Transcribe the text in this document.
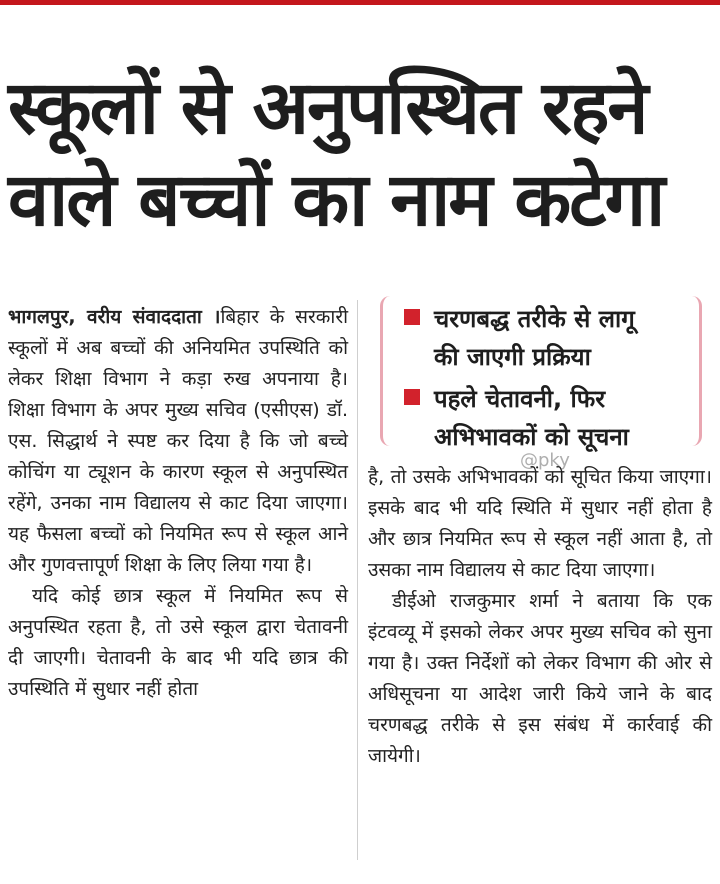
स्कूलों से अनुपस्थित रहने
वाले बच्चों का नाम कटेगा

भागलपुर, वरीय संवाददाता ।बिहार के सरकारी स्कूलों में अब बच्चों की अनियमित उपस्थिति को लेकर शिक्षा विभाग ने कड़ा रुख अपनाया है। शिक्षा विभाग के अपर मुख्य सचिव (एसीएस) डॉ. एस. सिद्धार्थ ने स्पष्ट कर दिया है कि जो बच्चे कोचिंग या ट्यूशन के कारण स्कूल से अनुपस्थित रहेंगे, उनका नाम विद्यालय से काट दिया जाएगा। यह फैसला बच्चों को नियमित रूप से स्कूल आने और गुणवत्तापूर्ण शिक्षा के लिए लिया गया है।

यदि कोई छात्र स्कूल में नियमित रूप से अनुपस्थित रहता है, तो उसे स्कूल द्वारा चेतावनी दी जाएगी। चेतावनी के बाद भी यदि छात्र की उपस्थिति में सुधार नहीं होता

चरणबद्ध तरीके से लागू
की जाएगी प्रक्रिया
पहले चेतावनी, फिर
अभिभावकों को सूचना
@pky

है, तो उसके अभिभावकों को सूचित किया जाएगा। इसके बाद भी यदि स्थिति में सुधार नहीं होता है और छात्र नियमित रूप से स्कूल नहीं आता है, तो उसका नाम विद्यालय से काट दिया जाएगा।

डीईओ राजकुमार शर्मा ने बताया कि एक इंटवव्यू में इसको लेकर अपर मुख्य सचिव को सुना गया है। उक्त निर्देशों को लेकर विभाग की ओर से अधिसूचना या आदेश जारी किये जाने के बाद चरणबद्ध तरीके से इस संबंध में कार्रवाई की जायेगी।
